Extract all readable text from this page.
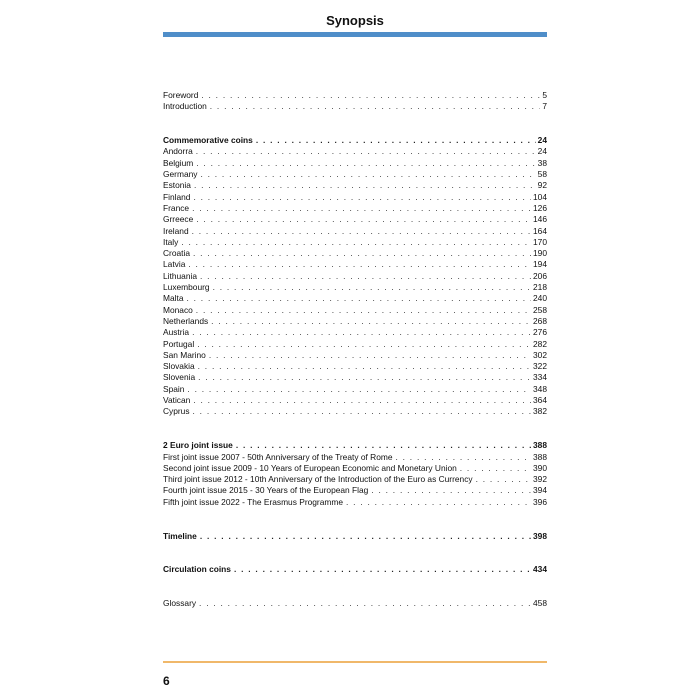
Synopsis
Foreword . . .	5
Introduction . . .	7
Commemorative coins . . .	24
Andorra . . .	24
Belgium . . .	38
Germany . . .	58
Estonia . . .	92
Finland . . .	104
France . . .	126
Grreece . . .	146
Ireland . . .	164
Italy . . .	170
Croatia . . .	190
Latvia . . .	194
Lithuania . . .	206
Luxembourg . . .	218
Malta . . .	240
Monaco . . .	258
Netherlands . . .	268
Austria . . .	276
Portugal . . .	282
San Marino . . .	302
Slovakia . . .	322
Slovenia . . .	334
Spain . . .	348
Vatican . . .	364
Cyprus . . .	382
2 Euro joint issue . . .	388
First joint issue 2007 - 50th Anniversary of the Treaty of Rome . . .	388
Second joint issue 2009 - 10 Years of European Economic and Monetary Union . . .	390
Third joint issue 2012 - 10th Anniversary of the Introduction of the Euro as Currency . . .	392
Fourth joint issue 2015 - 30 Years of the European Flag . . .	394
Fifth joint issue 2022 - The Erasmus Programme . . .	396
Timeline . . .	398
Circulation coins . . .	434
Glossary . . .	458
6
